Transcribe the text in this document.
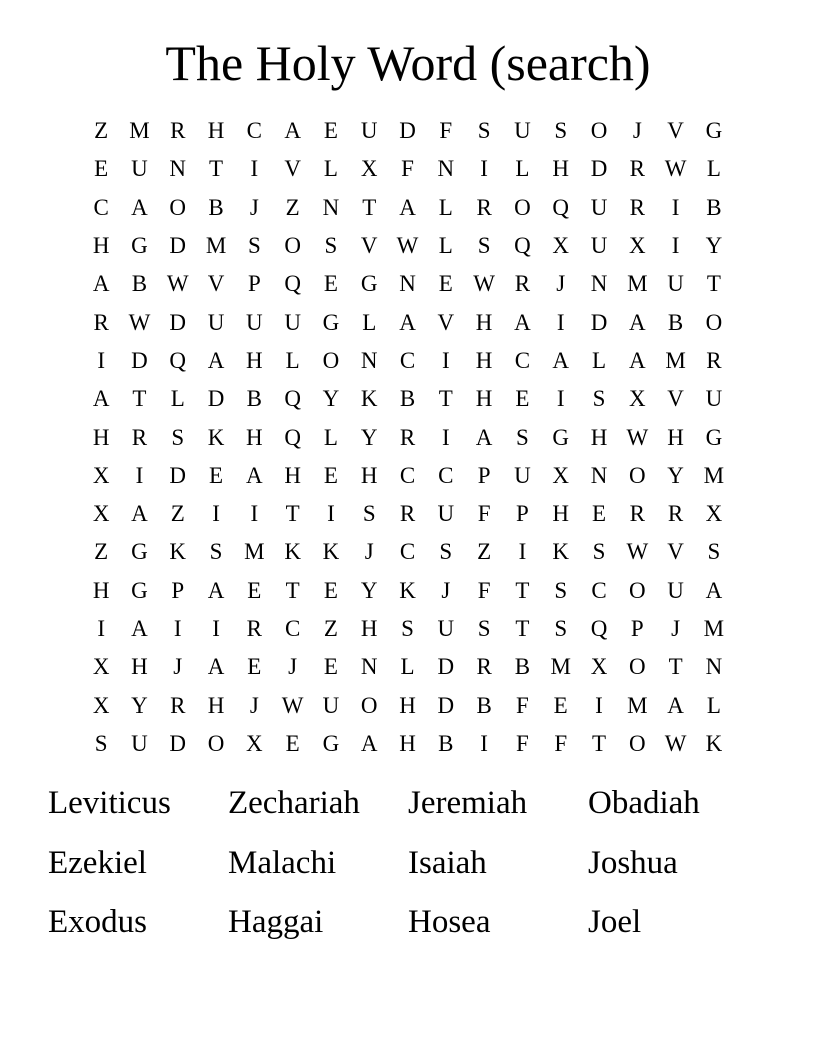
The Holy Word (search)
Z M R H C A E U D	F	S	U	S	O	J	V G
E U N T	I	V L X	F	N	I	L H D R W L
C A O B	J	Z N T A L	R O Q U R	I	B
H G D M S	O	S	V W L	S	Q X U X	I	Y
A B W V	P	Q E G N E W R	J	N M U T
R W D U U U G L A V H A	I	D A B O
I	D Q A H L O N C	I	H C A L A M R
A T	L D B Q Y K B	T H E	I	S	X V U
H R	S	K H Q L Y R	I	A	S	G H W H G
X	I	D E A H E H C C	P	U X N O Y M
X A Z	I	I	T	I	S	R U	F	P	H E	R R X
Z G K	S M K K	J	C	S	Z	I	K	S W V	S
H G	P	A E	T	E Y K	J	F	T	S	C O U A
I	A	I	I	R C	Z H	S	U	S	T	S	Q	P	J	M
X H	J	A E	J	E N L D R B M X O T N
X Y R H	J W U O H D B	F	E	I	M A L
S	U D O X E G A H B	I	F	F	T O W K
Leviticus	Zechariah	Jeremiah	Obadiah
Ezekiel	Malachi	Isaiah	Joshua
Exodus	Haggai	Hosea	Joel
